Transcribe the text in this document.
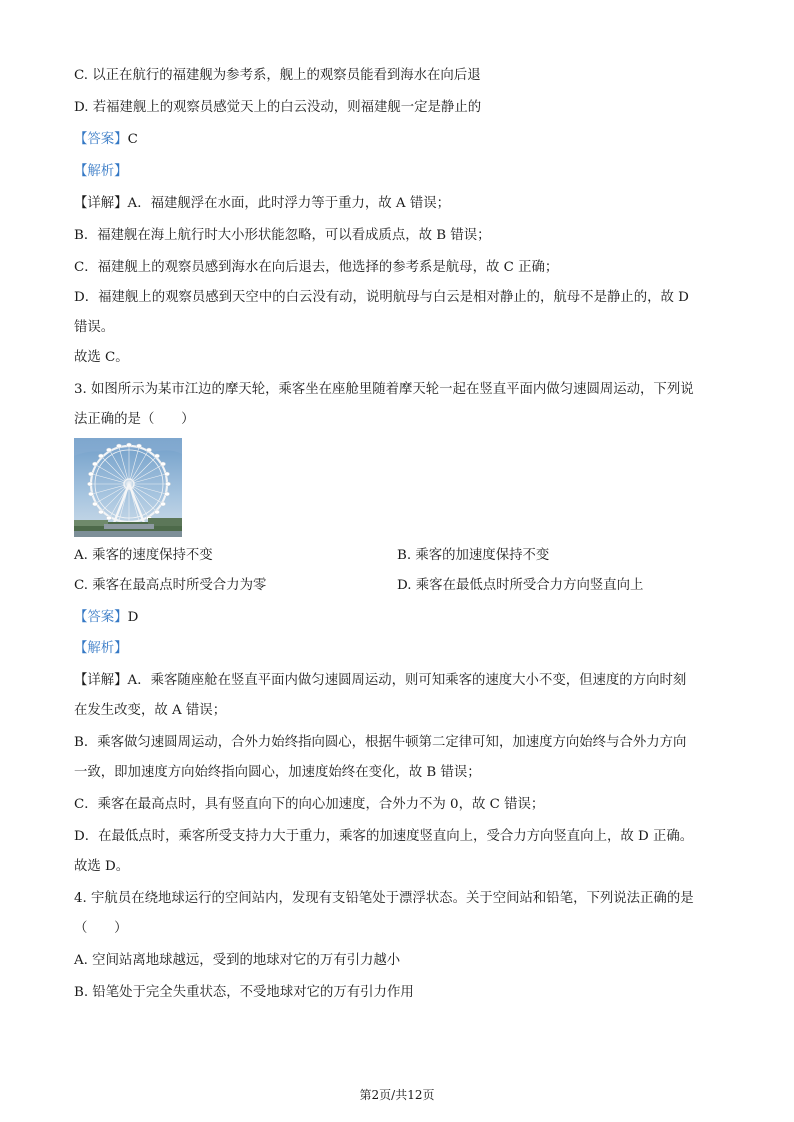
C. 以正在航行的福建舰为参考系，舰上的观察员能看到海水在向后退
D. 若福建舰上的观察员感觉天上的白云没动，则福建舰一定是静止的
【答案】C
【解析】
【详解】A．福建舰浮在水面，此时浮力等于重力，故 A 错误；
B．福建舰在海上航行时大小形状能忽略，可以看成质点，故 B 错误；
C．福建舰上的观察员感到海水在向后退去，他选择的参考系是航母，故 C 正确；
D．福建舰上的观察员感到天空中的白云没有动，说明航母与白云是相对静止的，航母不是静止的，故 D
错误。
故选 C。
3. 如图所示为某市江边的摩天轮，乘客坐在座舱里随着摩天轮一起在竖直平面内做匀速圆周运动，下列说
法正确的是（　　）
A. 乘客的速度保持不变	B. 乘客的加速度保持不变
C. 乘客在最高点时所受合力为零	D. 乘客在最低点时所受合力方向竖直向上
【答案】D
【解析】
【详解】A．乘客随座舱在竖直平面内做匀速圆周运动，则可知乘客的速度大小不变，但速度的方向时刻
在发生改变，故 A 错误；
B．乘客做匀速圆周运动，合外力始终指向圆心，根据牛顿第二定律可知，加速度方向始终与合外力方向
一致，即加速度方向始终指向圆心，加速度始终在变化，故 B 错误；
C．乘客在最高点时，具有竖直向下的向心加速度，合外力不为 0，故 C 错误；
D．在最低点时，乘客所受支持力大于重力，乘客的加速度竖直向上，受合力方向竖直向上，故 D 正确。
故选 D。
4. 宇航员在绕地球运行的空间站内，发现有支铅笔处于漂浮状态。关于空间站和铅笔，下列说法正确的是
（　　）
A. 空间站离地球越远，受到的地球对它的万有引力越小
B. 铅笔处于完全失重状态，不受地球对它的万有引力作用
第2页/共12页
